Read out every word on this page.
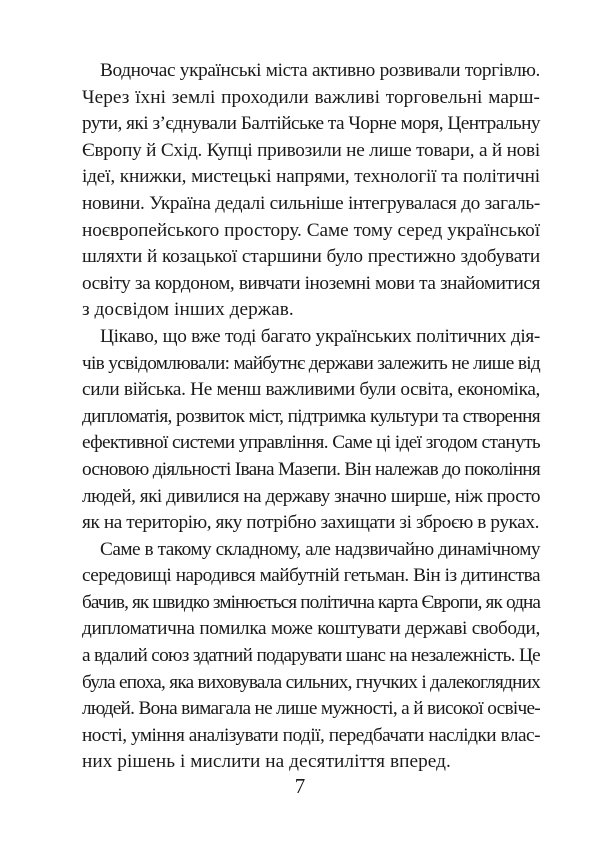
Водночас українські міста активно розвивали торгівлю.
Через їхні землі проходили важливі торговельні марш-
рути, які з’єднували Балтійське та Чорне моря, Центральну
Європу й Схід. Купці привозили не лише товари, а й нові
ідеї, книжки, мистецькі напрями, технології та політичні
новини. Україна дедалі сильніше інтегрувалася до загаль-
ноєвропейського простору. Саме тому серед української
шляхти й козацької старшини було престижно здобувати
освіту за кордоном, вивчати іноземні мови та знайомитися
з досвідом інших держав.

Цікаво, що вже тоді багато українських політичних дія-
чів усвідомлювали: майбутнє держави залежить не лише від
сили війська. Не менш важливими були освіта, економіка,
дипломатія, розвиток міст, підтримка культури та створення
ефективної системи управління. Саме ці ідеї згодом стануть
основою діяльності Івана Мазепи. Він належав до покоління
людей, які дивилися на державу значно ширше, ніж просто
як на територію, яку потрібно захищати зі зброєю в руках.

Саме в такому складному, але надзвичайно динамічному
середовищі народився майбутній гетьман. Він із дитинства
бачив, як швидко змінюється політична карта Європи, як одна
дипломатична помилка може коштувати державі свободи,
а вдалий союз здатний подарувати шанс на незалежність. Це
була епоха, яка виховувала сильних, гнучких і далекоглядних
людей. Вона вимагала не лише мужності, а й високої освіче-
ності, уміння аналізувати події, передбачати наслідки влас-
них рішень і мислити на десятиліття вперед.

7
